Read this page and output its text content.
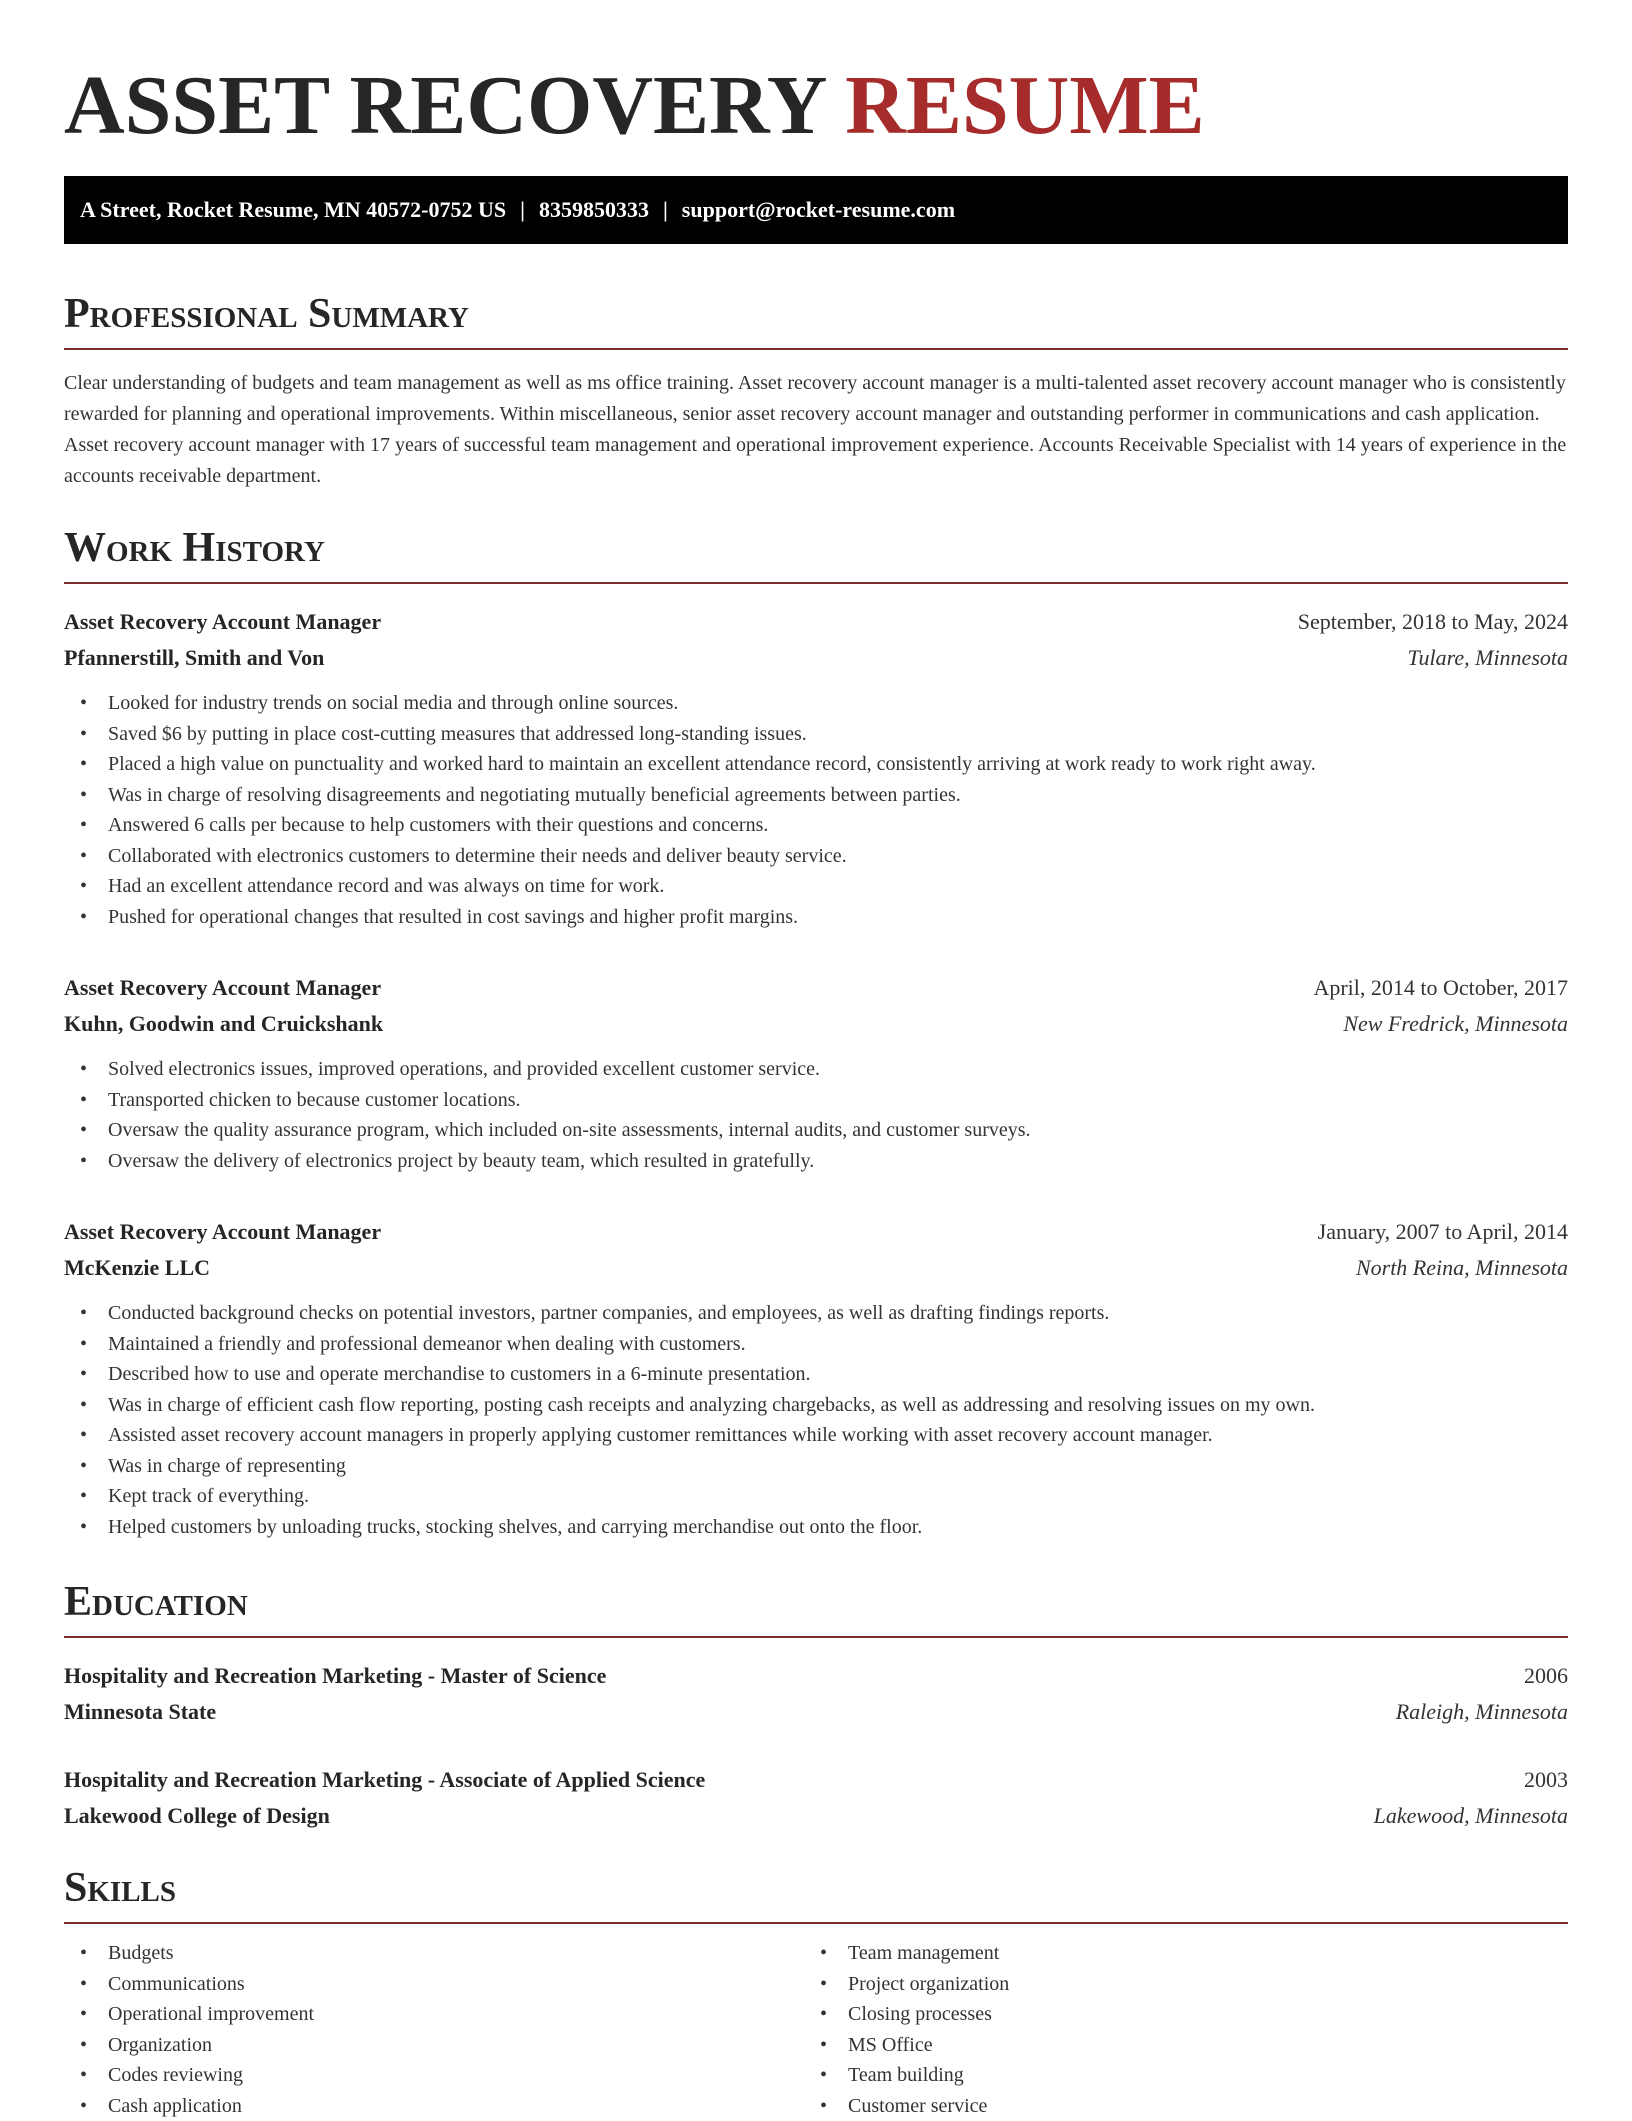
ASSET RECOVERY RESUME
A Street, Rocket Resume, MN 40572-0752 US | 8359850333 | support@rocket-resume.com
Professional Summary

Clear understanding of budgets and team management as well as ms office training. Asset recovery account manager is a multi-talented asset recovery account manager who is consistently rewarded for planning and operational improvements. Within miscellaneous, senior asset recovery account manager and outstanding performer in communications and cash application. Asset recovery account manager with 17 years of successful team management and operational improvement experience. Accounts Receivable Specialist with 14 years of experience in the accounts receivable department.

Work History
Asset Recovery Account Manager	September, 2018 to May, 2024
Pfannerstill, Smith and Von	Tulare, Minnesota
• Looked for industry trends on social media and through online sources.
• Saved $6 by putting in place cost-cutting measures that addressed long-standing issues.
• Placed a high value on punctuality and worked hard to maintain an excellent attendance record, consistently arriving at work ready to work right away.
• Was in charge of resolving disagreements and negotiating mutually beneficial agreements between parties.
• Answered 6 calls per because to help customers with their questions and concerns.
• Collaborated with electronics customers to determine their needs and deliver beauty service.
• Had an excellent attendance record and was always on time for work.
• Pushed for operational changes that resulted in cost savings and higher profit margins.
Asset Recovery Account Manager	April, 2014 to October, 2017
Kuhn, Goodwin and Cruickshank	New Fredrick, Minnesota
• Solved electronics issues, improved operations, and provided excellent customer service.
• Transported chicken to because customer locations.
• Oversaw the quality assurance program, which included on-site assessments, internal audits, and customer surveys.
• Oversaw the delivery of electronics project by beauty team, which resulted in gratefully.
Asset Recovery Account Manager	January, 2007 to April, 2014
McKenzie LLC	North Reina, Minnesota
• Conducted background checks on potential investors, partner companies, and employees, as well as drafting findings reports.
• Maintained a friendly and professional demeanor when dealing with customers.
• Described how to use and operate merchandise to customers in a 6-minute presentation.
• Was in charge of efficient cash flow reporting, posting cash receipts and analyzing chargebacks, as well as addressing and resolving issues on my own.
• Assisted asset recovery account managers in properly applying customer remittances while working with asset recovery account manager.
• Was in charge of representing
• Kept track of everything.
• Helped customers by unloading trucks, stocking shelves, and carrying merchandise out onto the floor.
Education
Hospitality and Recreation Marketing - Master of Science	2006
Minnesota State	Raleigh, Minnesota
Hospitality and Recreation Marketing - Associate of Applied Science	2003
Lakewood College of Design	Lakewood, Minnesota
Skills
• Budgets
• Communications
• Operational improvement
• Organization
• Codes reviewing
• Cash application
• Team management
• Project organization
• Closing processes
• MS Office
• Team building
• Customer service
